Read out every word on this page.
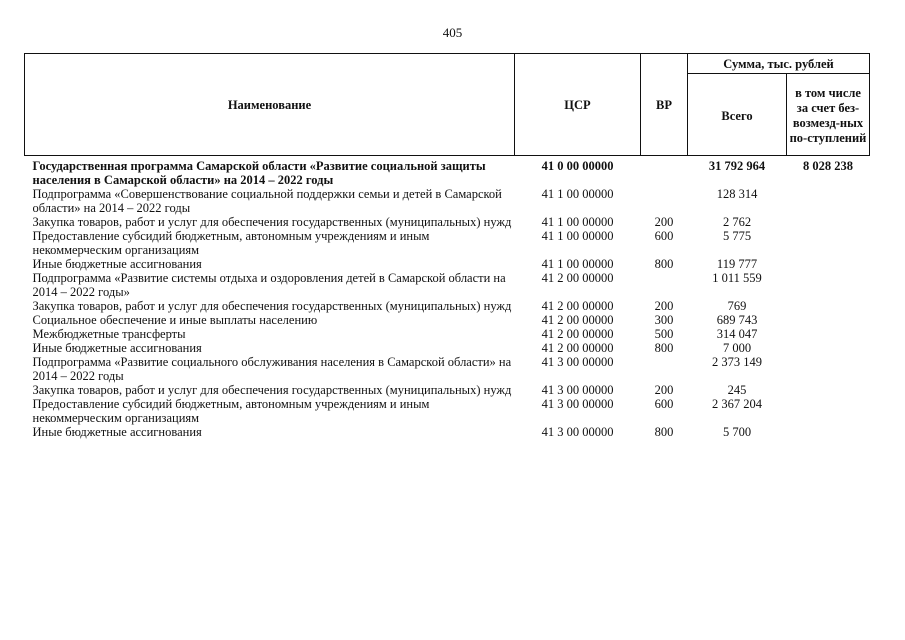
405
Наименование	ЦСР	ВР	Сумма, тыс. рублей	
			Всего	в том числе за счет без-возмезд-ных по-ступлений
Государственная программа Самарской области «Развитие социальной защиты населения в Самарской области» на 2014 – 2022 годы	41 0 00 00000		31 792 964	8 028 238
Подпрограмма «Совершенствование социальной поддержки семьи и детей в Самарской области» на 2014 – 2022 годы	41 1 00 00000		128 314	
Закупка товаров, работ и услуг для обеспечения государственных (муниципальных) нужд	41 1 00 00000	200	2 762	
Предоставление субсидий бюджетным, автономным учреждениям и иным некоммерческим организациям	41 1 00 00000	600	5 775	
Иные бюджетные ассигнования	41 1 00 00000	800	119 777	
Подпрограмма «Развитие системы отдыха и оздоровления детей в Самарской области на 2014 – 2022 годы»	41 2 00 00000		1 011 559	
Закупка товаров, работ и услуг для обеспечения государственных (муниципальных) нужд	41 2 00 00000	200	769	
Социальное обеспечение и иные выплаты населению	41 2 00 00000	300	689 743	
Межбюджетные трансферты	41 2 00 00000	500	314 047	
Иные бюджетные ассигнования	41 2 00 00000	800	7 000	
Подпрограмма «Развитие социального обслуживания населения в Самарской области» на 2014 – 2022 годы	41 3 00 00000		2 373 149	
Закупка товаров, работ и услуг для обеспечения государственных (муниципальных) нужд	41 3 00 00000	200	245	
Предоставление субсидий бюджетным, автономным учреждениям и иным некоммерческим организациям	41 3 00 00000	600	2 367 204	
Иные бюджетные ассигнования	41 3 00 00000	800	5 700	
